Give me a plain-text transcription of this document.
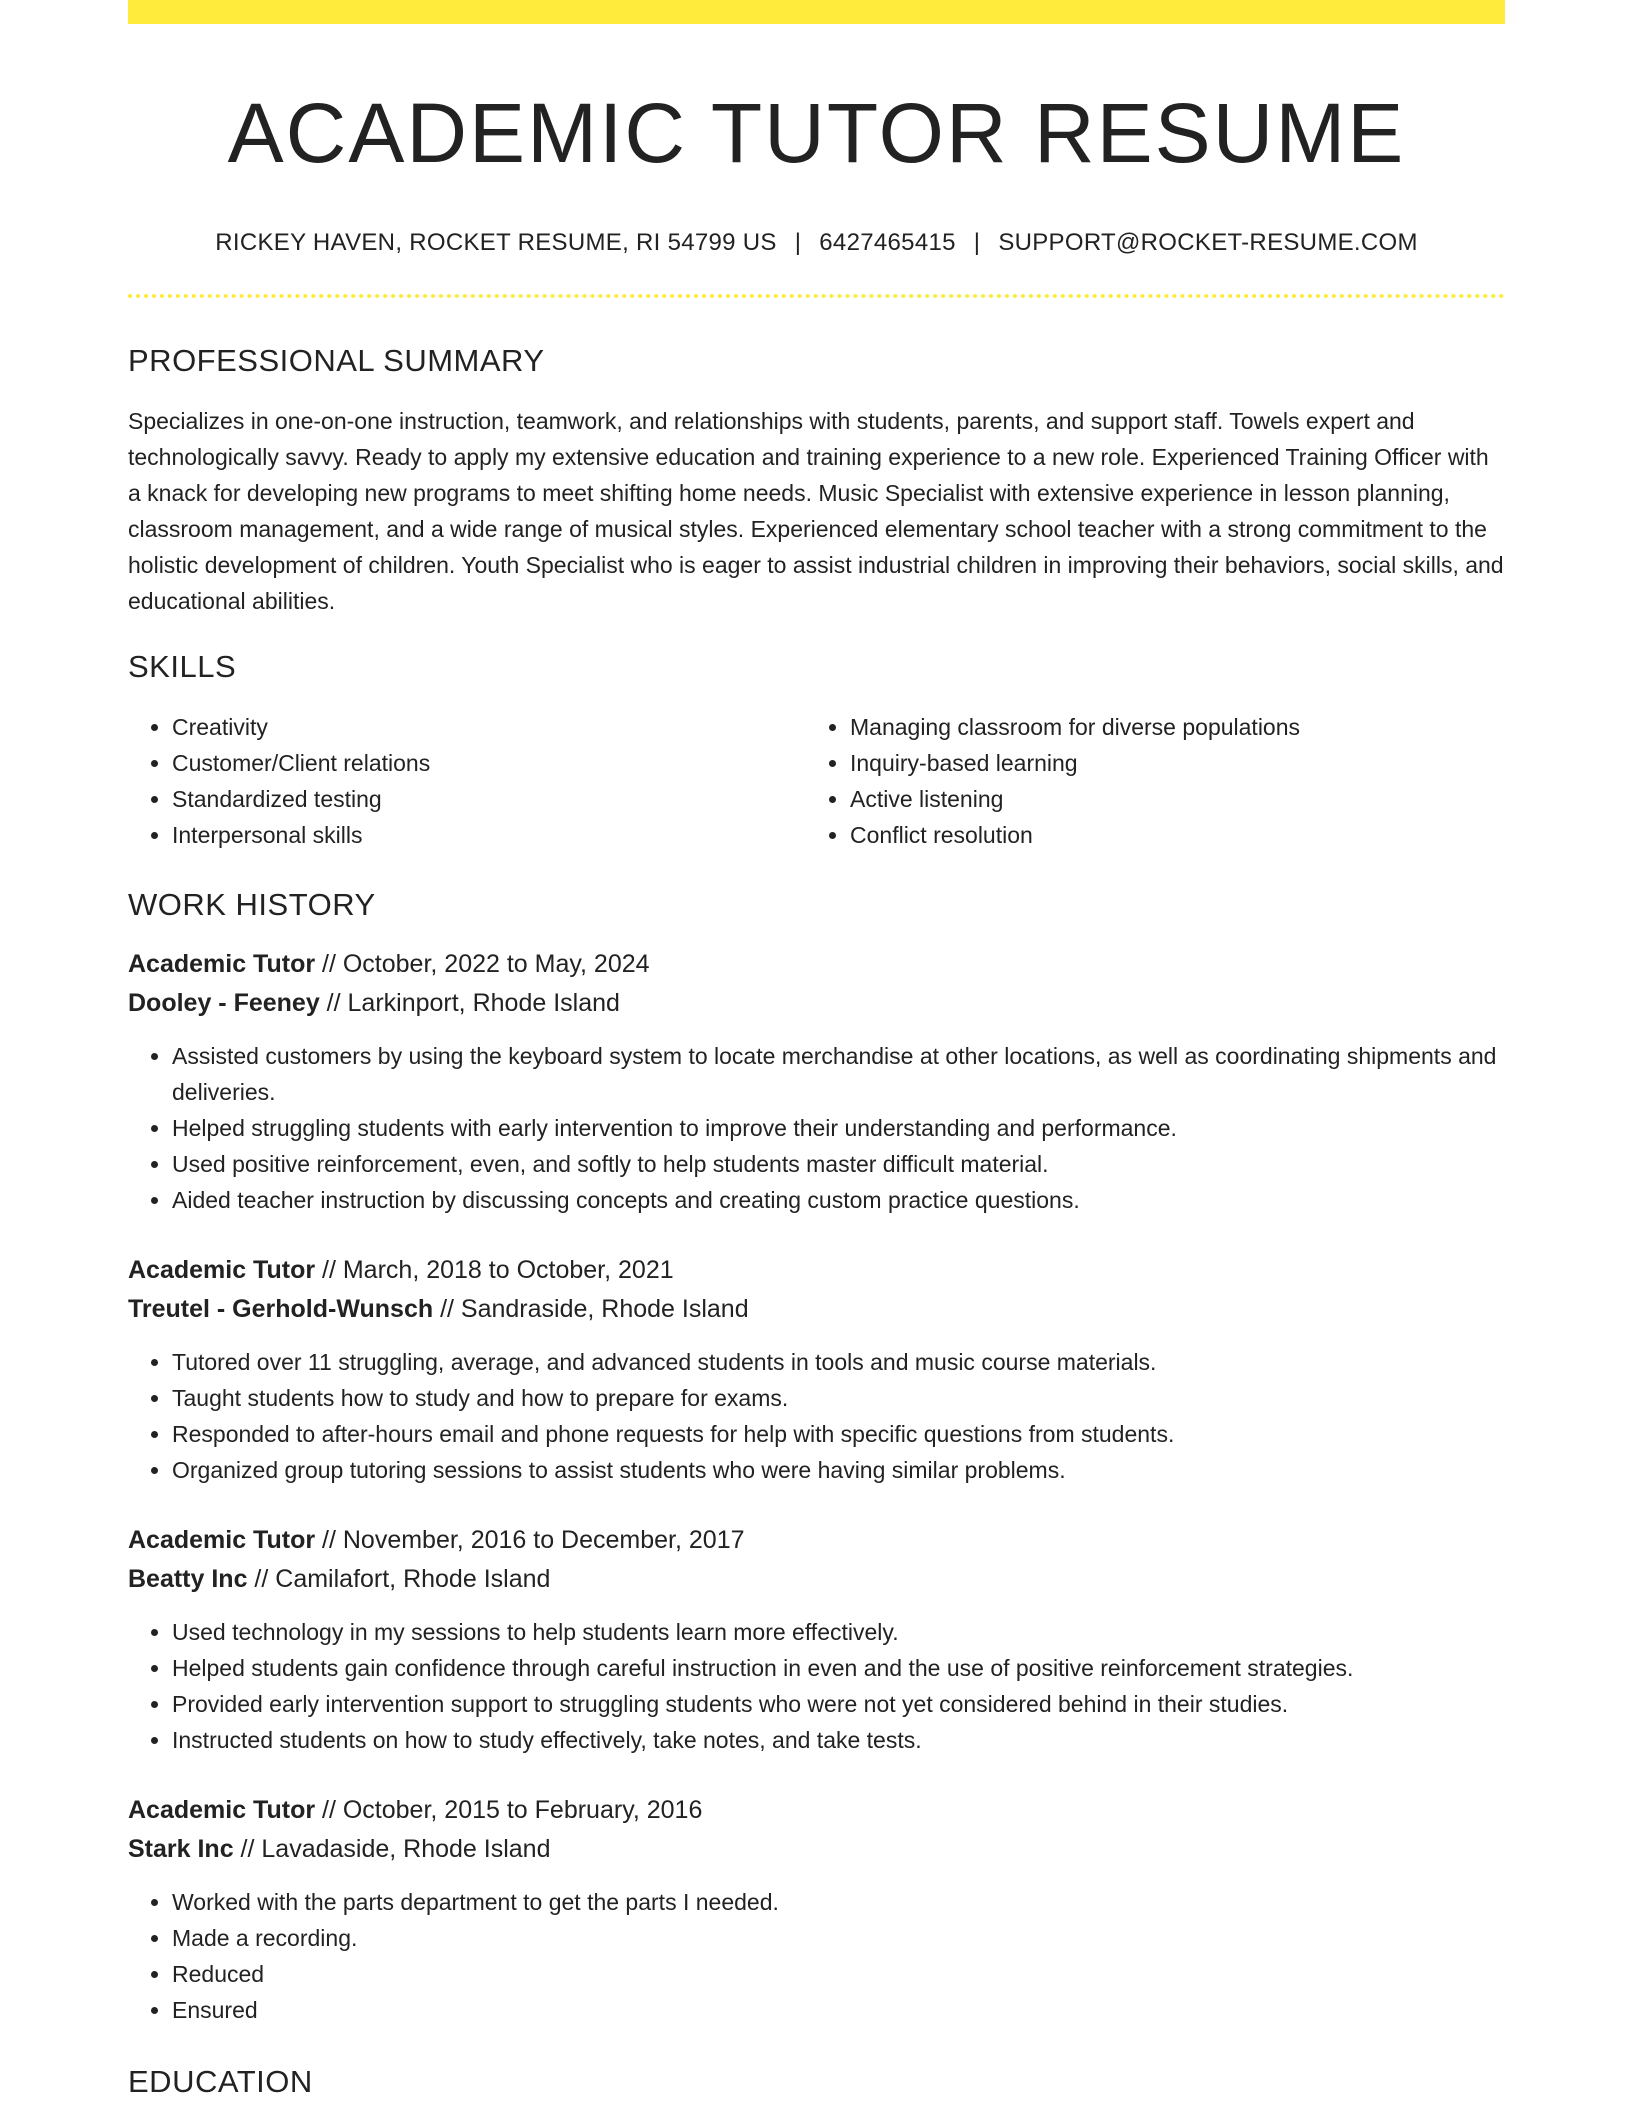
ACADEMIC TUTOR RESUME
RICKEY HAVEN, ROCKET RESUME, RI 54799 US | 6427465415 | SUPPORT@ROCKET-RESUME.COM
PROFESSIONAL SUMMARY

Specializes in one-on-one instruction, teamwork, and relationships with students, parents, and support staff. Towels expert and technologically savvy. Ready to apply my extensive education and training experience to a new role. Experienced Training Officer with a knack for developing new programs to meet shifting home needs. Music Specialist with extensive experience in lesson planning, classroom management, and a wide range of musical styles. Experienced elementary school teacher with a strong commitment to the holistic development of children. Youth Specialist who is eager to assist industrial children in improving their behaviors, social skills, and educational abilities.

SKILLS
• Creativity
• Customer/Client relations
• Standardized testing
• Interpersonal skills
• Managing classroom for diverse populations
• Inquiry-based learning
• Active listening
• Conflict resolution
WORK HISTORY
Academic Tutor // October, 2022 to May, 2024
Dooley - Feeney // Larkinport, Rhode Island
• Assisted customers by using the keyboard system to locate merchandise at other locations, as well as coordinating shipments and deliveries.
• Helped struggling students with early intervention to improve their understanding and performance.
• Used positive reinforcement, even, and softly to help students master difficult material.
• Aided teacher instruction by discussing concepts and creating custom practice questions.
Academic Tutor // March, 2018 to October, 2021
Treutel - Gerhold-Wunsch // Sandraside, Rhode Island
• Tutored over 11 struggling, average, and advanced students in tools and music course materials.
• Taught students how to study and how to prepare for exams.
• Responded to after-hours email and phone requests for help with specific questions from students.
• Organized group tutoring sessions to assist students who were having similar problems.
Academic Tutor // November, 2016 to December, 2017
Beatty Inc // Camilafort, Rhode Island
• Used technology in my sessions to help students learn more effectively.
• Helped students gain confidence through careful instruction in even and the use of positive reinforcement strategies.
• Provided early intervention support to struggling students who were not yet considered behind in their studies.
• Instructed students on how to study effectively, take notes, and take tests.
Academic Tutor // October, 2015 to February, 2016
Stark Inc // Lavadaside, Rhode Island
• Worked with the parts department to get the parts I needed.
• Made a recording.
• Reduced
• Ensured
EDUCATION
